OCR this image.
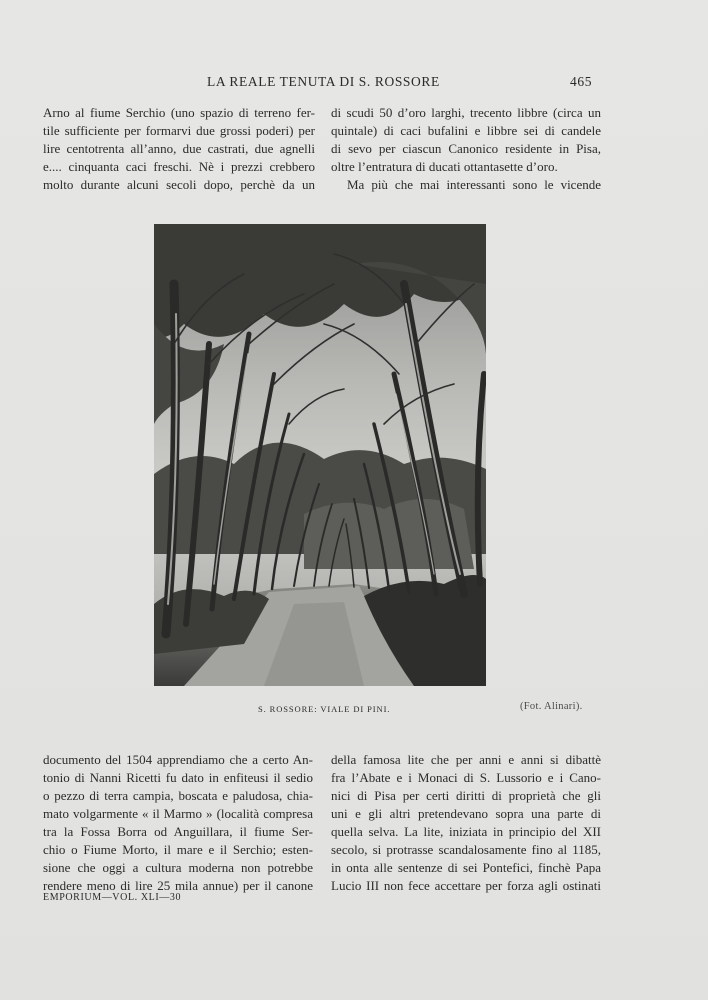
LA REALE TENUTA DI S. ROSSORE	465
Arno al fiume Serchio (uno spazio di terreno fer-
tile sufficiente per formarvi due grossi poderi) per
lire centotrenta all’anno, due castrati, due agnelli
e.... cinquanta caci freschi. Nè i prezzi crebbero
molto durante alcuni secoli dopo, perchè da un
di scudi 50 d’oro larghi, trecento libbre (circa un
quintale) di caci bufalini e libbre sei di candele
di sevo per ciascun Canonico residente in Pisa,
oltre l’entratura di ducati ottantasette d’oro.
Ma più che mai interessanti sono le vicende
S. ROSSORE: VIALE DI PINI.	(Fot. Alinari).
documento del 1504 apprendiamo che a certo An-
tonio di Nanni Ricetti fu dato in enfiteusi il sedio
o pezzo di terra campia, boscata e paludosa, chia-
mato volgarmente « il Marmo » (località compresa
tra la Fossa Borra od Anguillara, il fiume Ser-
chio o Fiume Morto, il mare e il Serchio; esten-
sione che oggi a cultura moderna non potrebbe
rendere meno di lire 25 mila annue) per il canone
della famosa lite che per anni e anni si dibattè
fra l’Abate e i Monaci di S. Lussorio e i Cano-
nici di Pisa per certi diritti di proprietà che gli
uni e gli altri pretendevano sopra una parte di
quella selva. La lite, iniziata in principio del XII
secolo, si protrasse scandalosamente fino al 1185,
in onta alle sentenze di sei Pontefici, finchè Papa
Lucio III non fece accettare per forza agli ostinati
EMPORIUM—VOL. XLI—30
